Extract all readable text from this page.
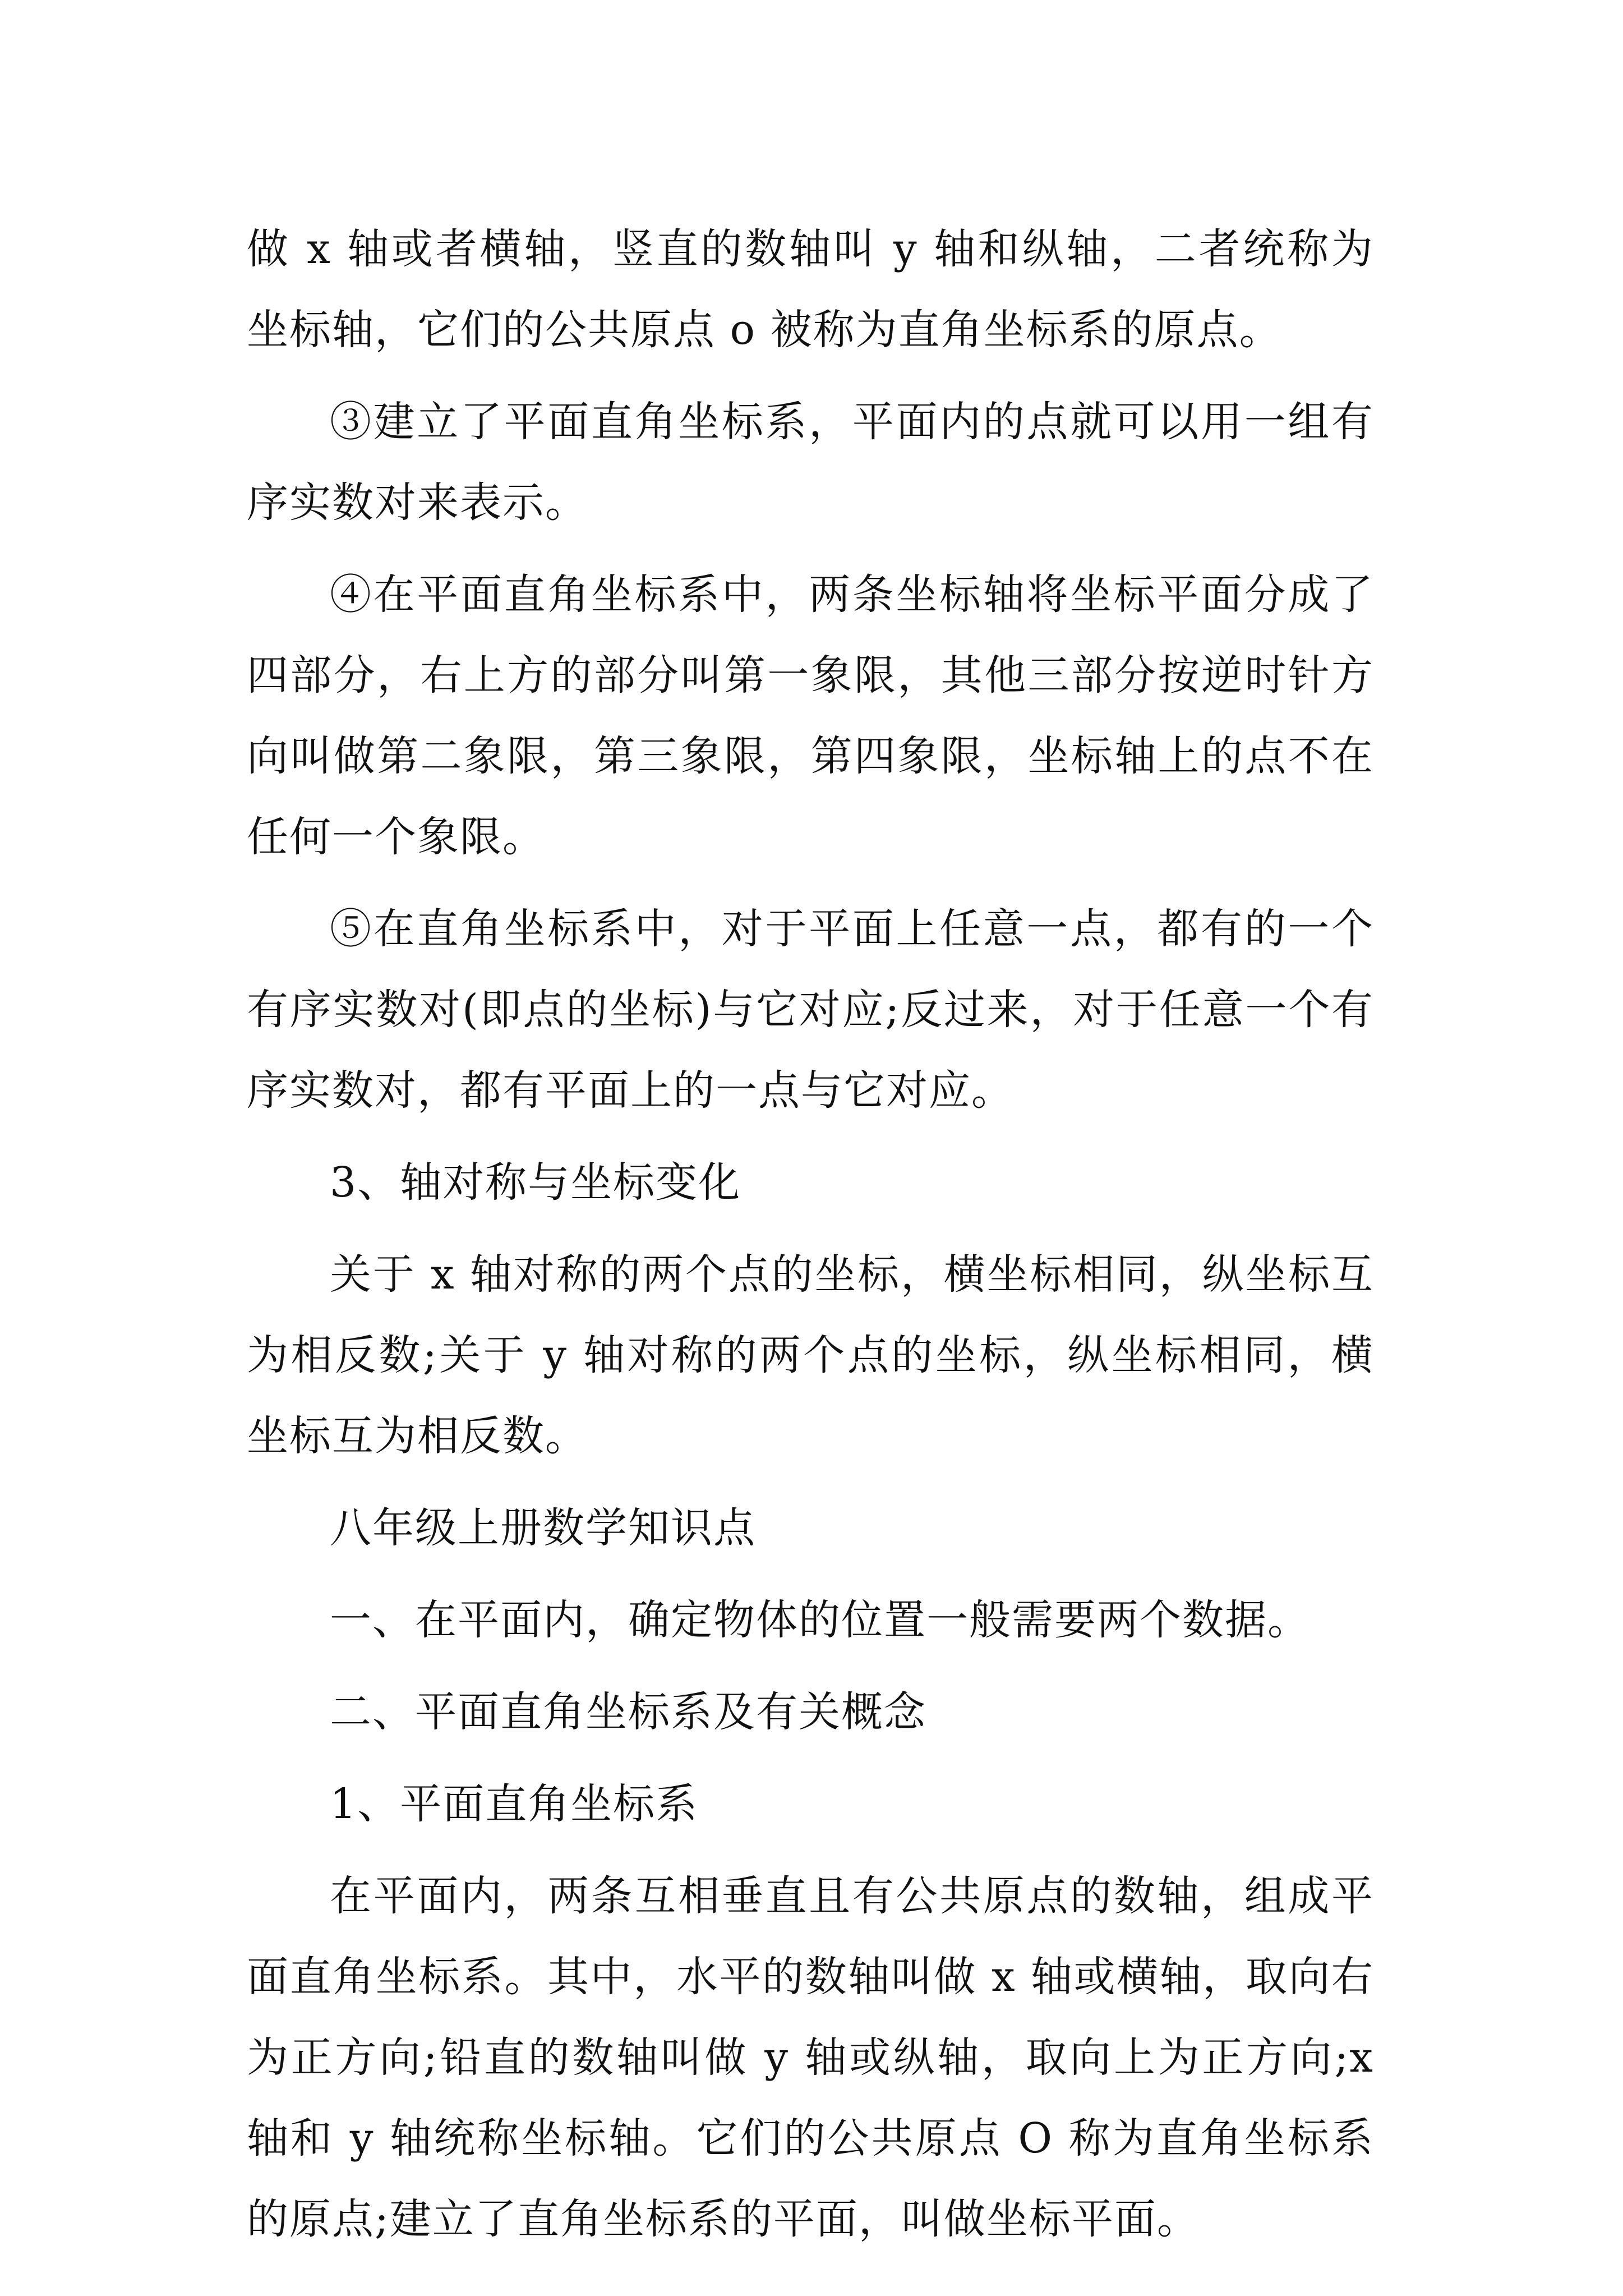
做 x 轴或者横轴，竖直的数轴叫 y 轴和纵轴，二者统称为坐标轴，它们的公共原点 o 被称为直角坐标系的原点。

③建立了平面直角坐标系，平面内的点就可以用一组有序实数对来表示。

④在平面直角坐标系中，两条坐标轴将坐标平面分成了四部分，右上方的部分叫第一象限，其他三部分按逆时针方向叫做第二象限，第三象限，第四象限，坐标轴上的点不在任何一个象限。

⑤在直角坐标系中，对于平面上任意一点，都有的一个有序实数对(即点的坐标)与它对应;反过来，对于任意一个有序实数对，都有平面上的一点与它对应。

3、轴对称与坐标变化

关于 x 轴对称的两个点的坐标，横坐标相同，纵坐标互为相反数;关于 y 轴对称的两个点的坐标，纵坐标相同，横坐标互为相反数。

八年级上册数学知识点

一、在平面内，确定物体的位置一般需要两个数据。

二、平面直角坐标系及有关概念

1、平面直角坐标系

在平面内，两条互相垂直且有公共原点的数轴，组成平面直角坐标系。其中，水平的数轴叫做 x 轴或横轴，取向右为正方向;铅直的数轴叫做 y 轴或纵轴，取向上为正方向;x 轴和 y 轴统称坐标轴。它们的公共原点 O 称为直角坐标系的原点;建立了直角坐标系的平面，叫做坐标平面。
